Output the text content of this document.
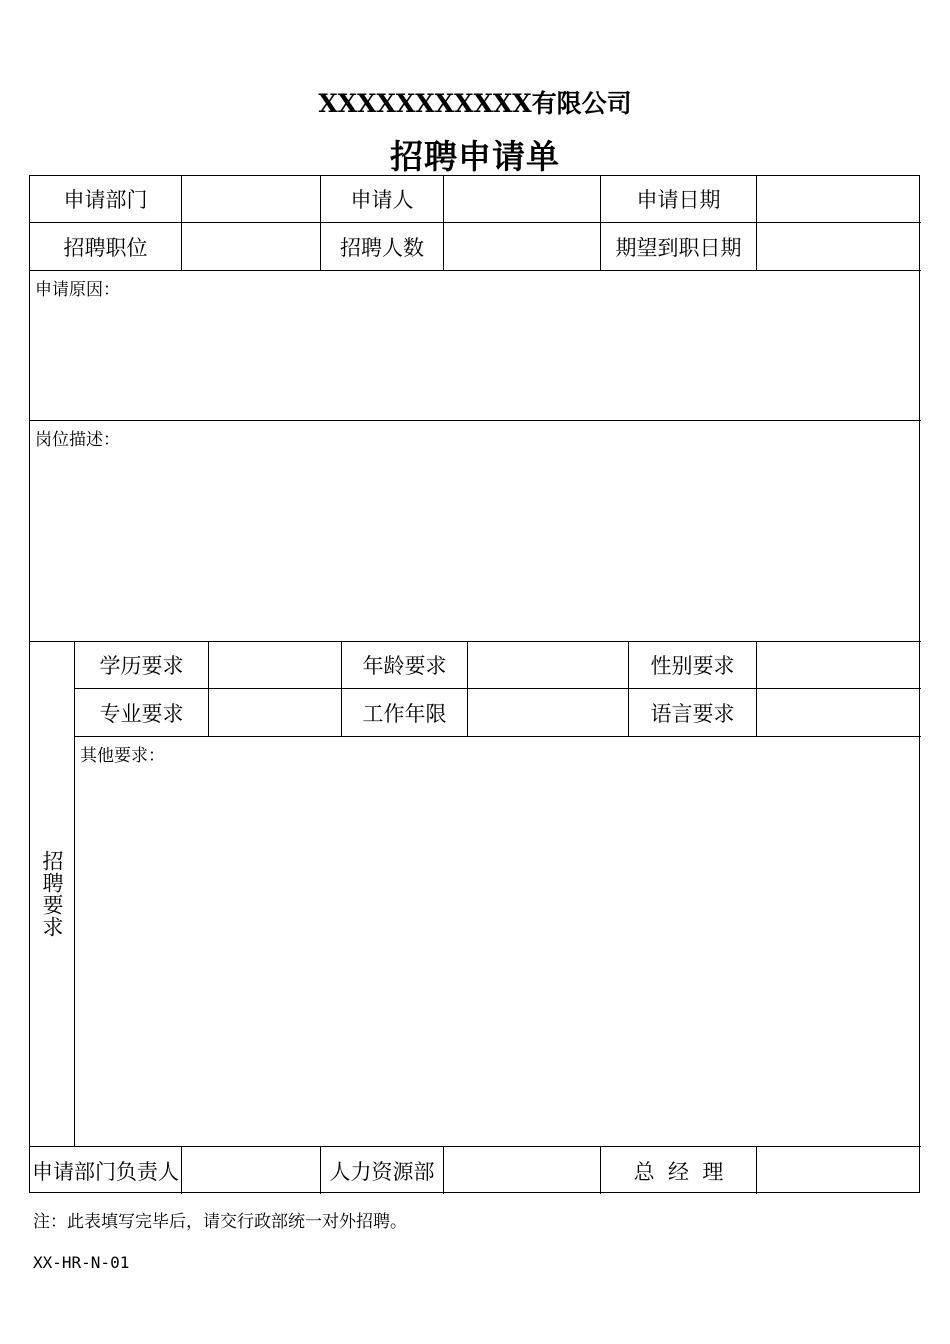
XXXXXXXXXXX有限公司
招聘申请单
申请部门	申请人	申请日期
招聘职位	招聘人数	期望到职日期
申请原因：
岗位描述：
招聘要求
学历要求	年龄要求	性别要求
专业要求	工作年限	语言要求
其他要求：
申请部门负责人	人力资源部	总  经  理
注：此表填写完毕后，请交行政部统一对外招聘。
XX-HR-N-01
